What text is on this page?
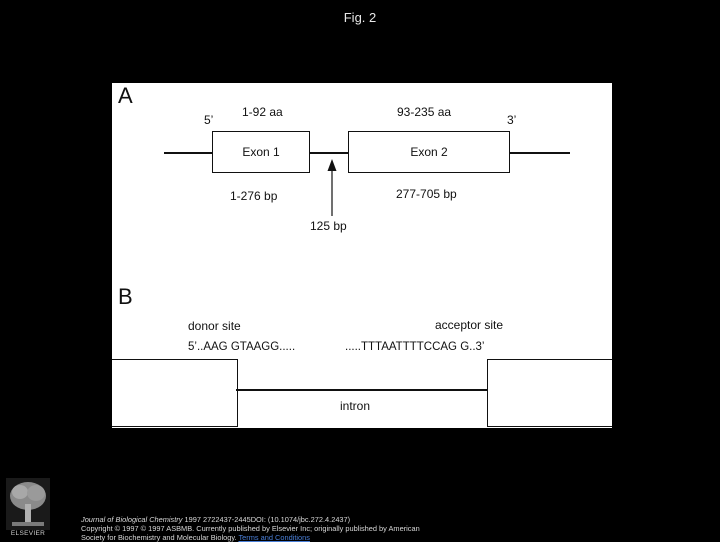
Fig. 2
A
1-92 aa	93-235 aa
5’	3’
Exon 1	Exon 2
1-276 bp	277-705 bp
125 bp
B
donor site	acceptor site
5’..AAG GTAAGG.....	.....TTTAATTTTCCAG G..3’
intron
ELSEVIER
Journal of Biological Chemistry 1997 2722437-2445DOI: (10.1074/jbc.272.4.2437)
Copyright © 1997 © 1997 ASBMB. Currently published by Elsevier Inc; originally published by American
Society for Biochemistry and Molecular Biology. Terms and Conditions
